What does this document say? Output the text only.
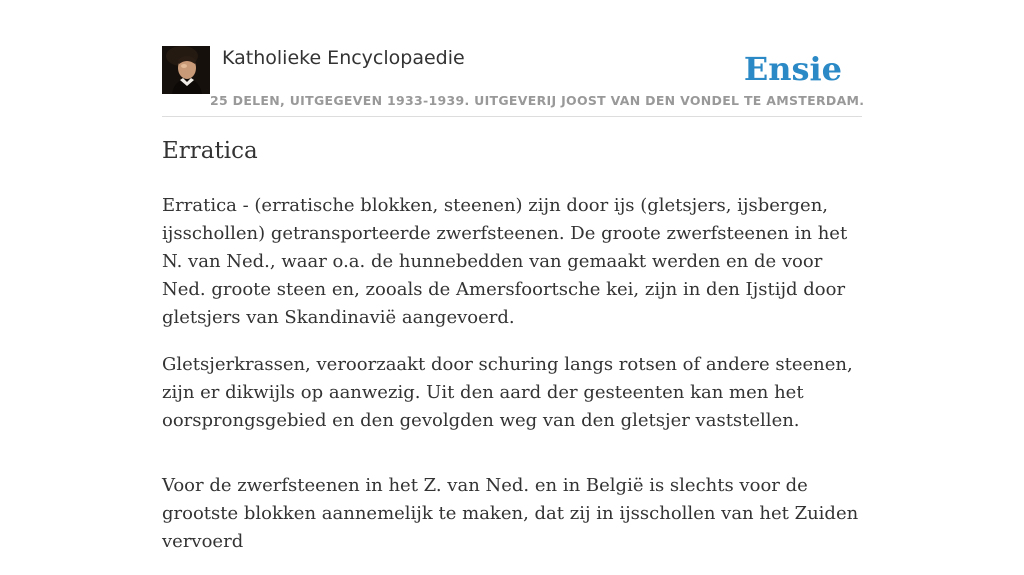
Katholieke Encyclopaedie
25 DELEN, UITGEGEVEN 1933-1939. UITGEVERIJ JOOST VAN DEN VONDEL TE AMSTERDAM.
Ensie
Erratica

Erratica - (erratische blokken, steenen) zijn door ijs (gletsjers, ijsbergen, ijsschollen) getransporteerde zwerfsteenen. De groote zwerfsteenen in het N. van Ned., waar o.a. de hunnebedden van gemaakt werden en de voor Ned. groote steen en, zooals de Amersfoortsche kei, zijn in den Ijstijd door gletsjers van Skandinavië aangevoerd.

Gletsjerkrassen, veroorzaakt door schuring langs rotsen of andere steenen, zijn er dikwijls op aanwezig. Uit den aard der gesteenten kan men het oorsprongsgebied en den gevolgden weg van den gletsjer vaststellen.

Voor de zwerfsteenen in het Z. van Ned. en in België is slechts voor de grootste blokken aannemelijk te maken, dat zij in ijsschollen van het Zuiden vervoerd
